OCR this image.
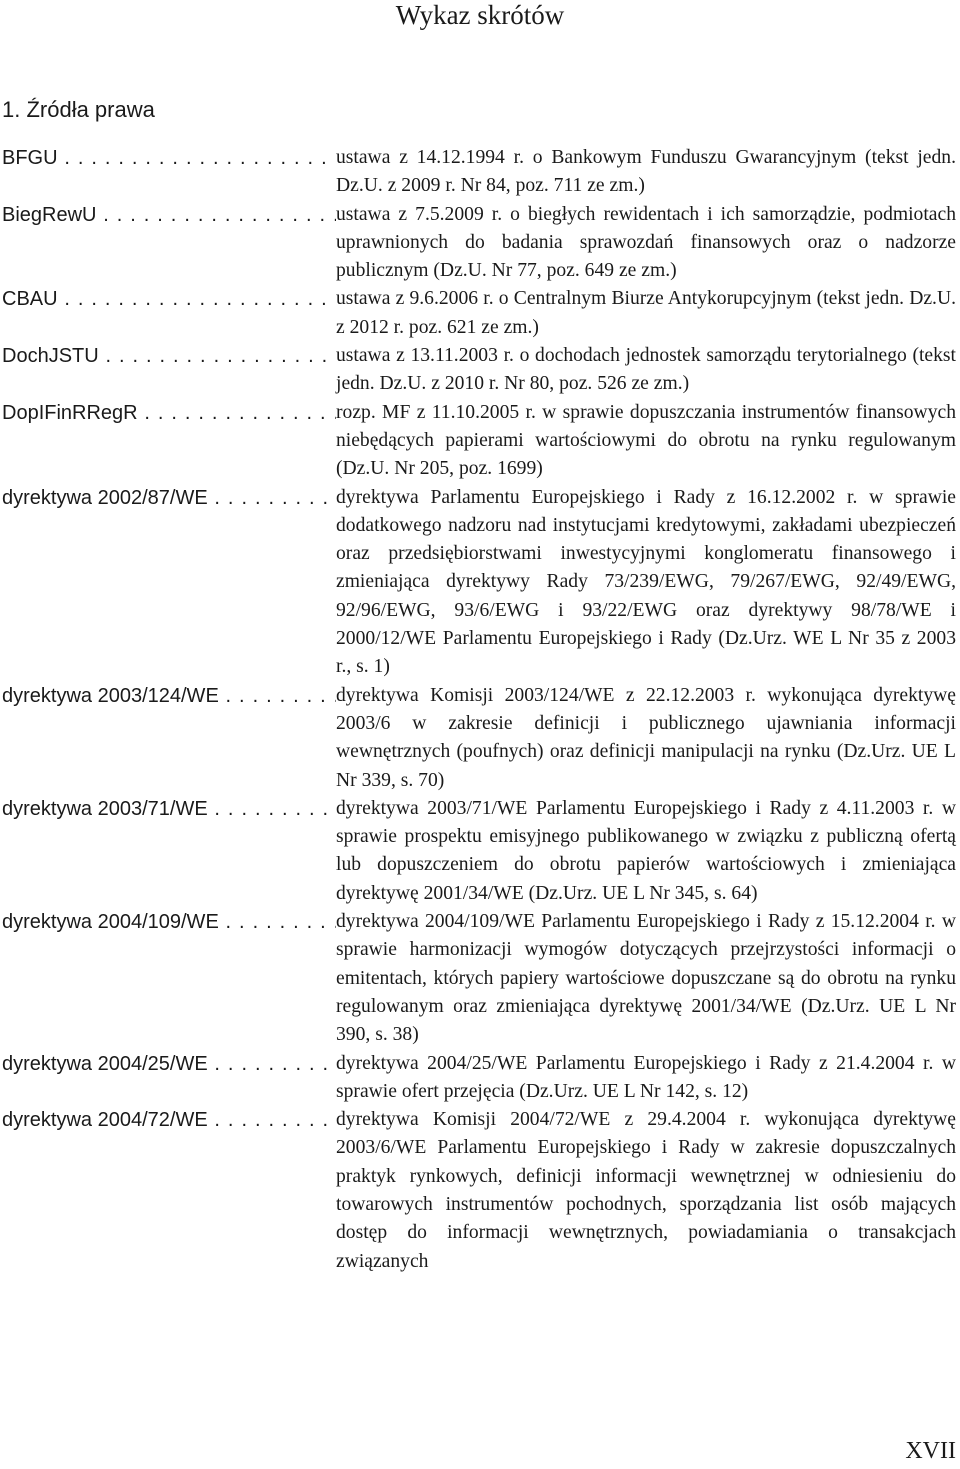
Wykaz skrótów
1. Źródła prawa
BFGU . . .	ustawa z 14.12.1994 r. o Bankowym Funduszu Gwarancyjnym (tekst jedn. Dz.U. z 2009 r. Nr 84, poz. 711 ze zm.)
BiegRewU . . .	ustawa z 7.5.2009 r. o biegłych rewidentach i ich samorządzie, podmiotach uprawnionych do badania sprawozdań finansowych oraz o nadzorze publicznym (Dz.U. Nr 77, poz. 649 ze zm.)
CBAU . . .	ustawa z 9.6.2006 r. o Centralnym Biurze Antykorupcyjnym (tekst jedn. Dz.U. z 2012 r. poz. 621 ze zm.)
DochJSTU . . .	ustawa z 13.11.2003 r. o dochodach jednostek samorządu terytorialnego (tekst jedn. Dz.U. z 2010 r. Nr 80, poz. 526 ze zm.)
DopIFinRRegR . . .	rozp. MF z 11.10.2005 r. w sprawie dopuszczania instrumentów finansowych niebędących papierami wartościowymi do obrotu na rynku regulowanym (Dz.U. Nr 205, poz. 1699)
dyrektywa 2002/87/WE . . .	dyrektywa Parlamentu Europejskiego i Rady z 16.12.2002 r. w sprawie dodatkowego nadzoru nad instytucjami kredytowymi, zakładami ubezpieczeń oraz przedsiębiorstwami inwestycyjnymi konglomeratu finansowego i zmieniająca dyrektywy Rady 73/239/EWG, 79/267/EWG, 92/49/EWG, 92/96/EWG, 93/6/EWG i 93/22/EWG oraz dyrektywy 98/78/WE i 2000/12/WE Parlamentu Europejskiego i Rady (Dz.Urz. WE L Nr 35 z 2003 r., s. 1)
dyrektywa 2003/124/WE . . .	dyrektywa Komisji 2003/124/WE z 22.12.2003 r. wykonująca dyrektywę 2003/6 w zakresie definicji i publicznego ujawniania informacji wewnętrznych (poufnych) oraz definicji manipulacji na rynku (Dz.Urz. UE L Nr 339, s. 70)
dyrektywa 2003/71/WE . . .	dyrektywa 2003/71/WE Parlamentu Europejskiego i Rady z 4.11.2003 r. w sprawie prospektu emisyjnego publikowanego w związku z publiczną ofertą lub dopuszczeniem do obrotu papierów wartościowych i zmieniająca dyrektywę 2001/34/WE (Dz.Urz. UE L Nr 345, s. 64)
dyrektywa 2004/109/WE . . .	dyrektywa 2004/109/WE Parlamentu Europejskiego i Rady z 15.12.2004 r. w sprawie harmonizacji wymogów dotyczących przejrzystości informacji o emitentach, których papiery wartościowe dopuszczane są do obrotu na rynku regulowanym oraz zmieniająca dyrektywę 2001/34/WE (Dz.Urz. UE L Nr 390, s. 38)
dyrektywa 2004/25/WE . . .	dyrektywa 2004/25/WE Parlamentu Europejskiego i Rady z 21.4.2004 r. w sprawie ofert przejęcia (Dz.Urz. UE L Nr 142, s. 12)
dyrektywa 2004/72/WE . . .	dyrektywa Komisji 2004/72/WE z 29.4.2004 r. wykonująca dyrektywę 2003/6/WE Parlamentu Europejskiego i Rady w zakresie dopuszczalnych praktyk rynkowych, definicji informacji wewnętrznej w odniesieniu do towarowych instrumentów pochodnych, sporządzania list osób mających dostęp do informacji wewnętrznych, powiadamiania o transakcjach związanych
XVII
